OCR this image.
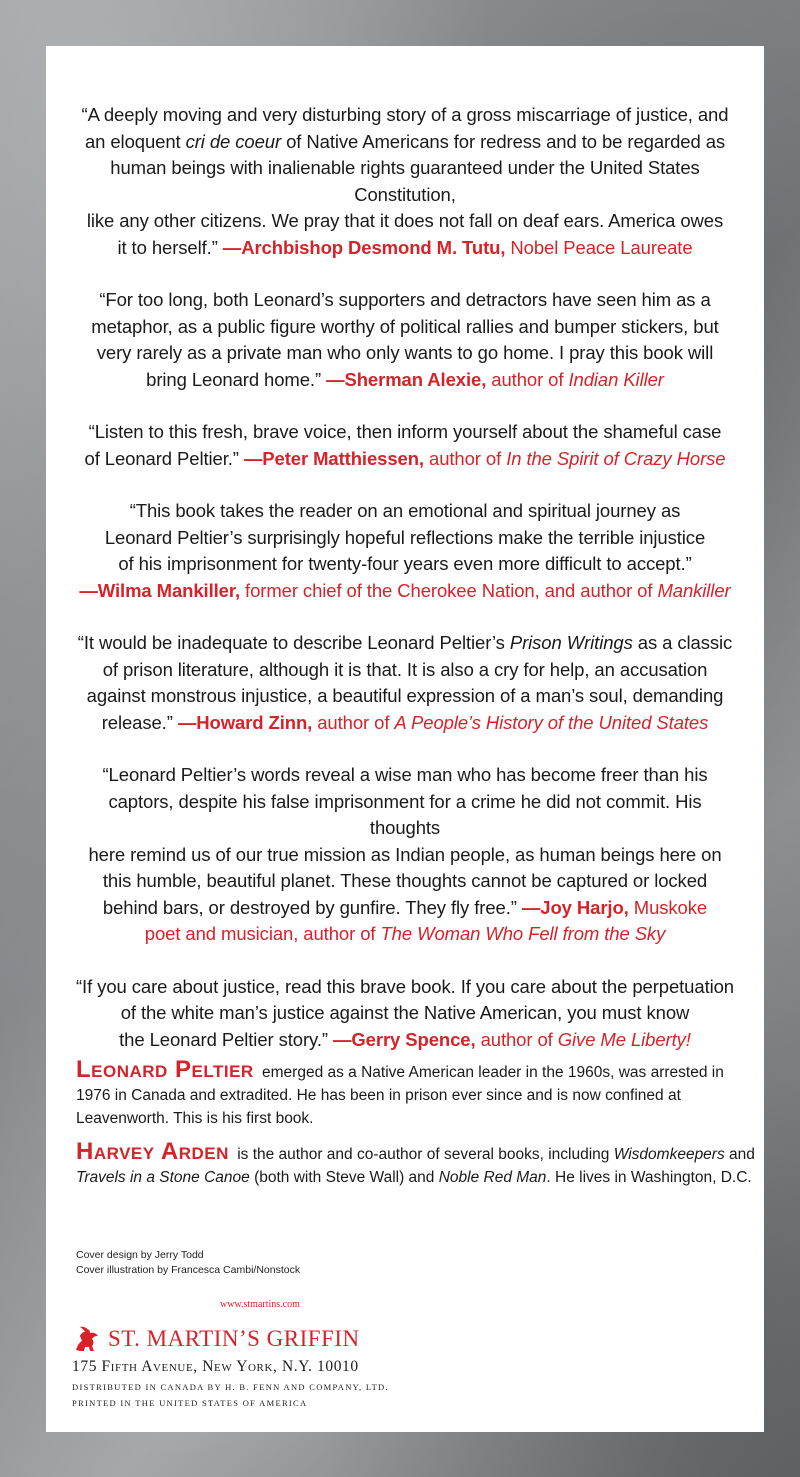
“A deeply moving and very disturbing story of a gross miscarriage of justice, and

an eloquent cri de coeur of Native Americans for redress and to be regarded as

human beings with inalienable rights guaranteed under the United States Constitution,

like any other citizens. We pray that it does not fall on deaf ears. America owes

it to herself.” —Archbishop Desmond M. Tutu, Nobel Peace Laureate

“For too long, both Leonard’s supporters and detractors have seen him as a

metaphor, as a public figure worthy of political rallies and bumper stickers, but

very rarely as a private man who only wants to go home. I pray this book will

bring Leonard home.” —Sherman Alexie, author of Indian Killer

“Listen to this fresh, brave voice, then inform yourself about the shameful case

of Leonard Peltier.” —Peter Matthiessen, author of In the Spirit of Crazy Horse

“This book takes the reader on an emotional and spiritual journey as

Leonard Peltier’s surprisingly hopeful reflections make the terrible injustice

of his imprisonment for twenty-four years even more difficult to accept.”

—Wilma Mankiller, former chief of the Cherokee Nation, and author of Mankiller

“It would be inadequate to describe Leonard Peltier’s Prison Writings as a classic

of prison literature, although it is that. It is also a cry for help, an accusation

against monstrous injustice, a beautiful expression of a man’s soul, demanding

release.” —Howard Zinn, author of A People’s History of the United States

“Leonard Peltier’s words reveal a wise man who has become freer than his

captors, despite his false imprisonment for a crime he did not commit. His thoughts

here remind us of our true mission as Indian people, as human beings here on

this humble, beautiful planet. These thoughts cannot be captured or locked

behind bars, or destroyed by gunfire. They fly free.” —Joy Harjo, Muskoke

poet and musician, author of The Woman Who Fell from the Sky

“If you care about justice, read this brave book. If you care about the perpetuation

of the white man’s justice against the Native American, you must know

the Leonard Peltier story.” —Gerry Spence, author of Give Me Liberty!

Leonard Peltier emerged as a Native American leader in the 1960s, was arrested in 1976 in Canada and extradited. He has been in prison ever since and is now confined at Leavenworth. This is his first book.

Harvey Arden is the author and co-author of several books, including Wisdomkeepers and Travels in a Stone Canoe (both with Steve Wall) and Noble Red Man. He lives in Washington, D.C.

Cover design by Jerry Todd

Cover illustration by Francesca Cambi/Nonstock

www.stmartins.com
ST. MARTIN’S GRIFFIN
175 Fifth Avenue, New York, N.Y. 10010
DISTRIBUTED IN CANADA BY H. B. FENN AND COMPANY, LTD.
PRINTED IN THE UNITED STATES OF AMERICA
